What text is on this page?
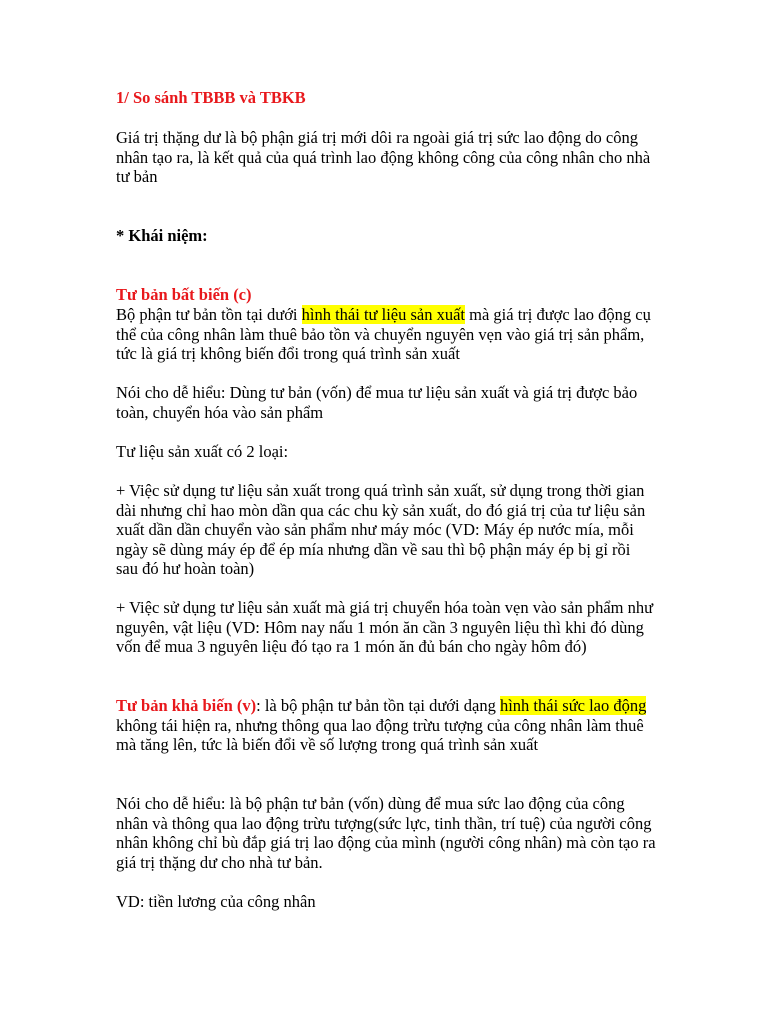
1/ So sánh TBBB và TBKB

Giá trị thặng dư là bộ phận giá trị mới dôi ra ngoài giá trị sức lao động do công nhân tạo ra, là kết quả của quá trình lao động không công của công nhân cho nhà tư bản

* Khái niệm:

Tư bản bất biến (c)

Bộ phận tư bản tồn tại dưới hình thái tư liệu sản xuất mà giá trị được lao động cụ thể của công nhân làm thuê bảo tồn và chuyển nguyên vẹn vào giá trị sản phẩm, tức là giá trị không biến đổi trong quá trình sản xuất

Nói cho dễ hiểu: Dùng tư bản (vốn) để mua tư liệu sản xuất và giá trị được bảo toàn, chuyển hóa vào sản phẩm

Tư liệu sản xuất có 2 loại:

+ Việc sử dụng tư liệu sản xuất trong quá trình sản xuất, sử dụng trong thời gian dài nhưng chỉ hao mòn dần qua các chu kỳ sản xuất, do đó giá trị của tư liệu sản xuất dần dần chuyển vào sản phẩm như máy móc (VD: Máy ép nước mía, mỗi ngày sẽ dùng máy ép để ép mía nhưng dần về sau thì bộ phận máy ép bị gỉ rồi sau đó hư hoàn toàn)

+ Việc sử dụng tư liệu sản xuất mà giá trị chuyển hóa toàn vẹn vào sản phẩm như nguyên, vật liệu (VD: Hôm nay nấu 1 món ăn cần 3 nguyên liệu thì khi đó dùng vốn để mua 3 nguyên liệu đó tạo ra 1 món ăn đủ bán cho ngày hôm đó)

Tư bản khả biến (v): là bộ phận tư bản tồn tại dưới dạng hình thái sức lao động không tái hiện ra, nhưng thông qua lao động trừu tượng của công nhân làm thuê mà tăng lên, tức là biến đổi về số lượng trong quá trình sản xuất

Nói cho dễ hiểu: là bộ phận tư bản (vốn) dùng để mua sức lao động của công nhân và thông qua lao động trừu tượng(sức lực, tinh thần, trí tuệ) của người công nhân không chỉ bù đắp giá trị lao động của mình (người công nhân) mà còn tạo ra giá trị thặng dư cho nhà tư bản.

VD: tiền lương của công nhân
